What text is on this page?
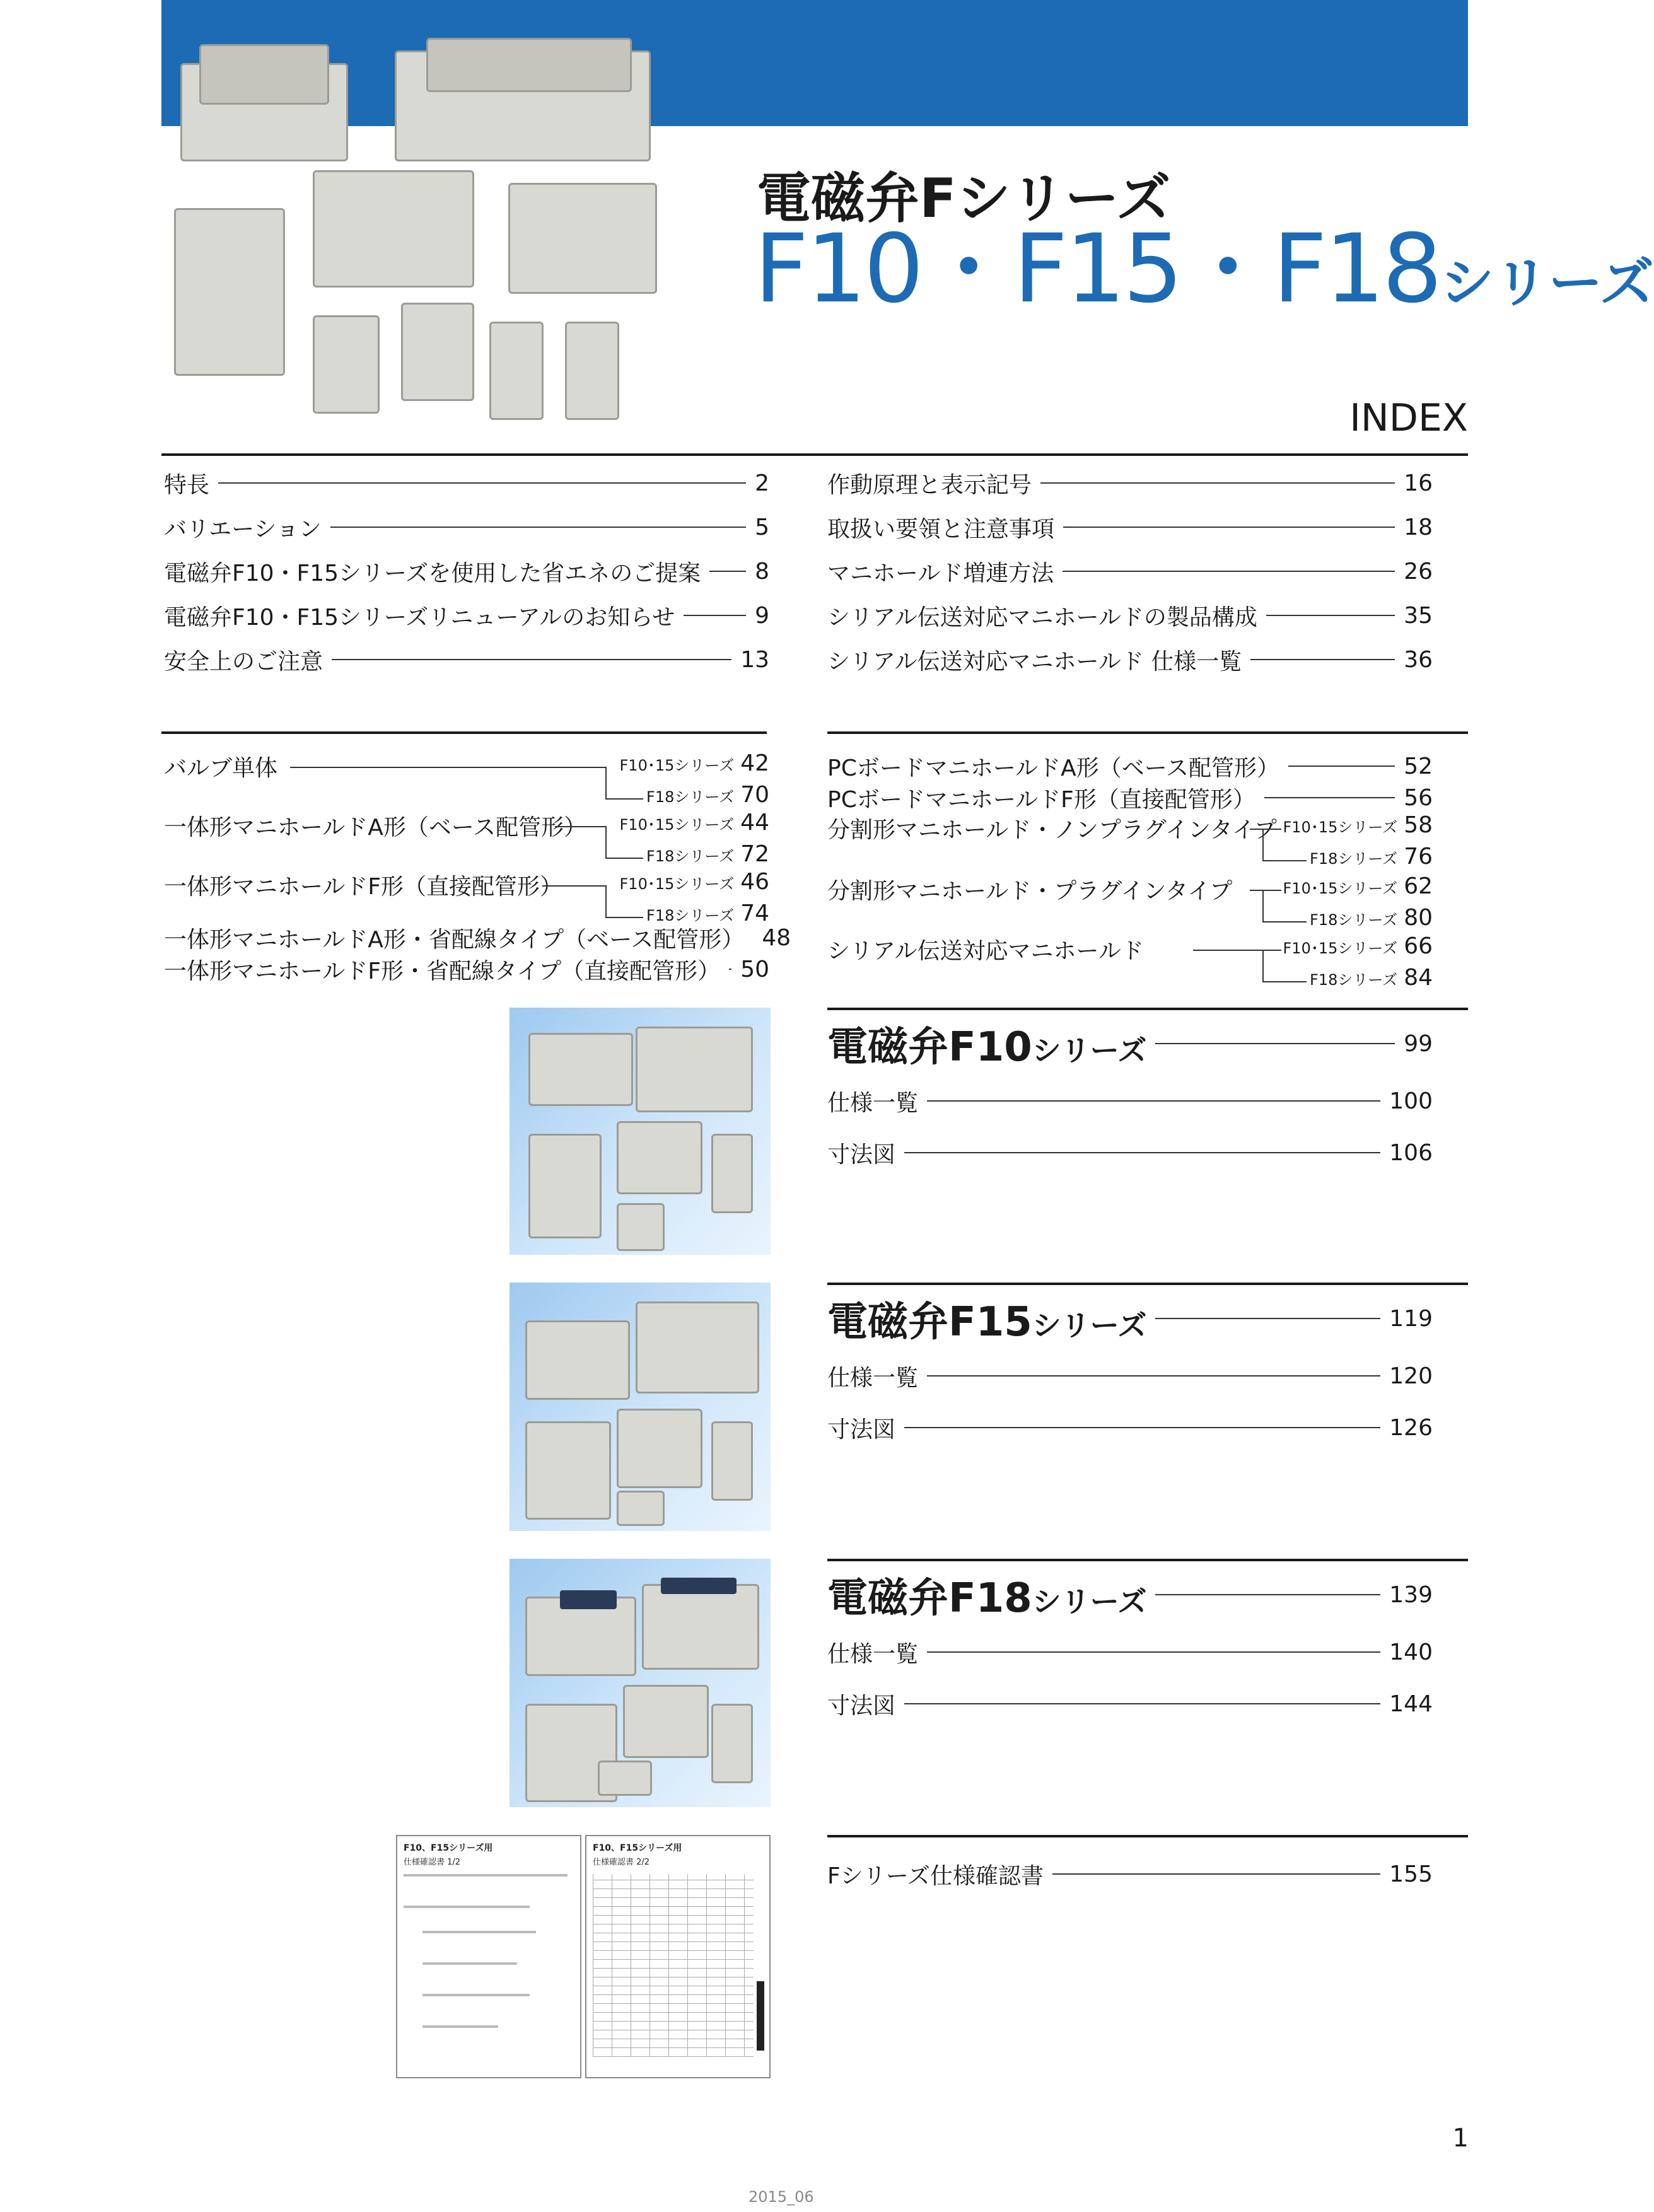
電磁弁Fシリーズ
F10・F15・F18シリーズ
INDEX
特長	2
バリエーション	5
電磁弁F10・F15シリーズを使用した省エネのご提案 8
電磁弁F10・F15シリーズリニューアルのお知らせ	9
安全上のご注意	13
作動原理と表示記号	16
取扱い要領と注意事項	18
マニホールド増連方法	26
シリアル伝送対応マニホールドの製品構成	35
シリアル伝送対応マニホールド 仕様一覧	36
バルブ単体	F10･15シリーズ 42
F18シリーズ 70
一体形マニホールドA形（ベース配管形） F10･15シリーズ 44
F18シリーズ 72
一体形マニホールドF形（直接配管形）	F10･15シリーズ 46
F18シリーズ 74
一体形マニホールドA形・省配線タイプ（ベース配管形） 48
一体形マニホールドF形・省配線タイプ（直接配管形） 50
PCボードマニホールドA形（ベース配管形）	52
PCボードマニホールドF形（直接配管形）	56
分割形マニホールド・ノンプラグインタイプ F10･15シリーズ 58
F18シリーズ 76
分割形マニホールド・プラグインタイプ	F10･15シリーズ 62
F18シリーズ 80
シリアル伝送対応マニホールド	F10･15シリーズ 66
F18シリーズ 84
電磁弁F10シリーズ	99
仕様一覧	100
寸法図	106
電磁弁F15シリーズ	119
仕様一覧	120
寸法図	126
電磁弁F18シリーズ	139
仕様一覧	140
寸法図	144
F10、F15シリーズ用
仕様確認書 1/2
F10、F15シリーズ用
仕様確認書 2/2
Fシリーズ仕様確認書	155
1
2015_06
